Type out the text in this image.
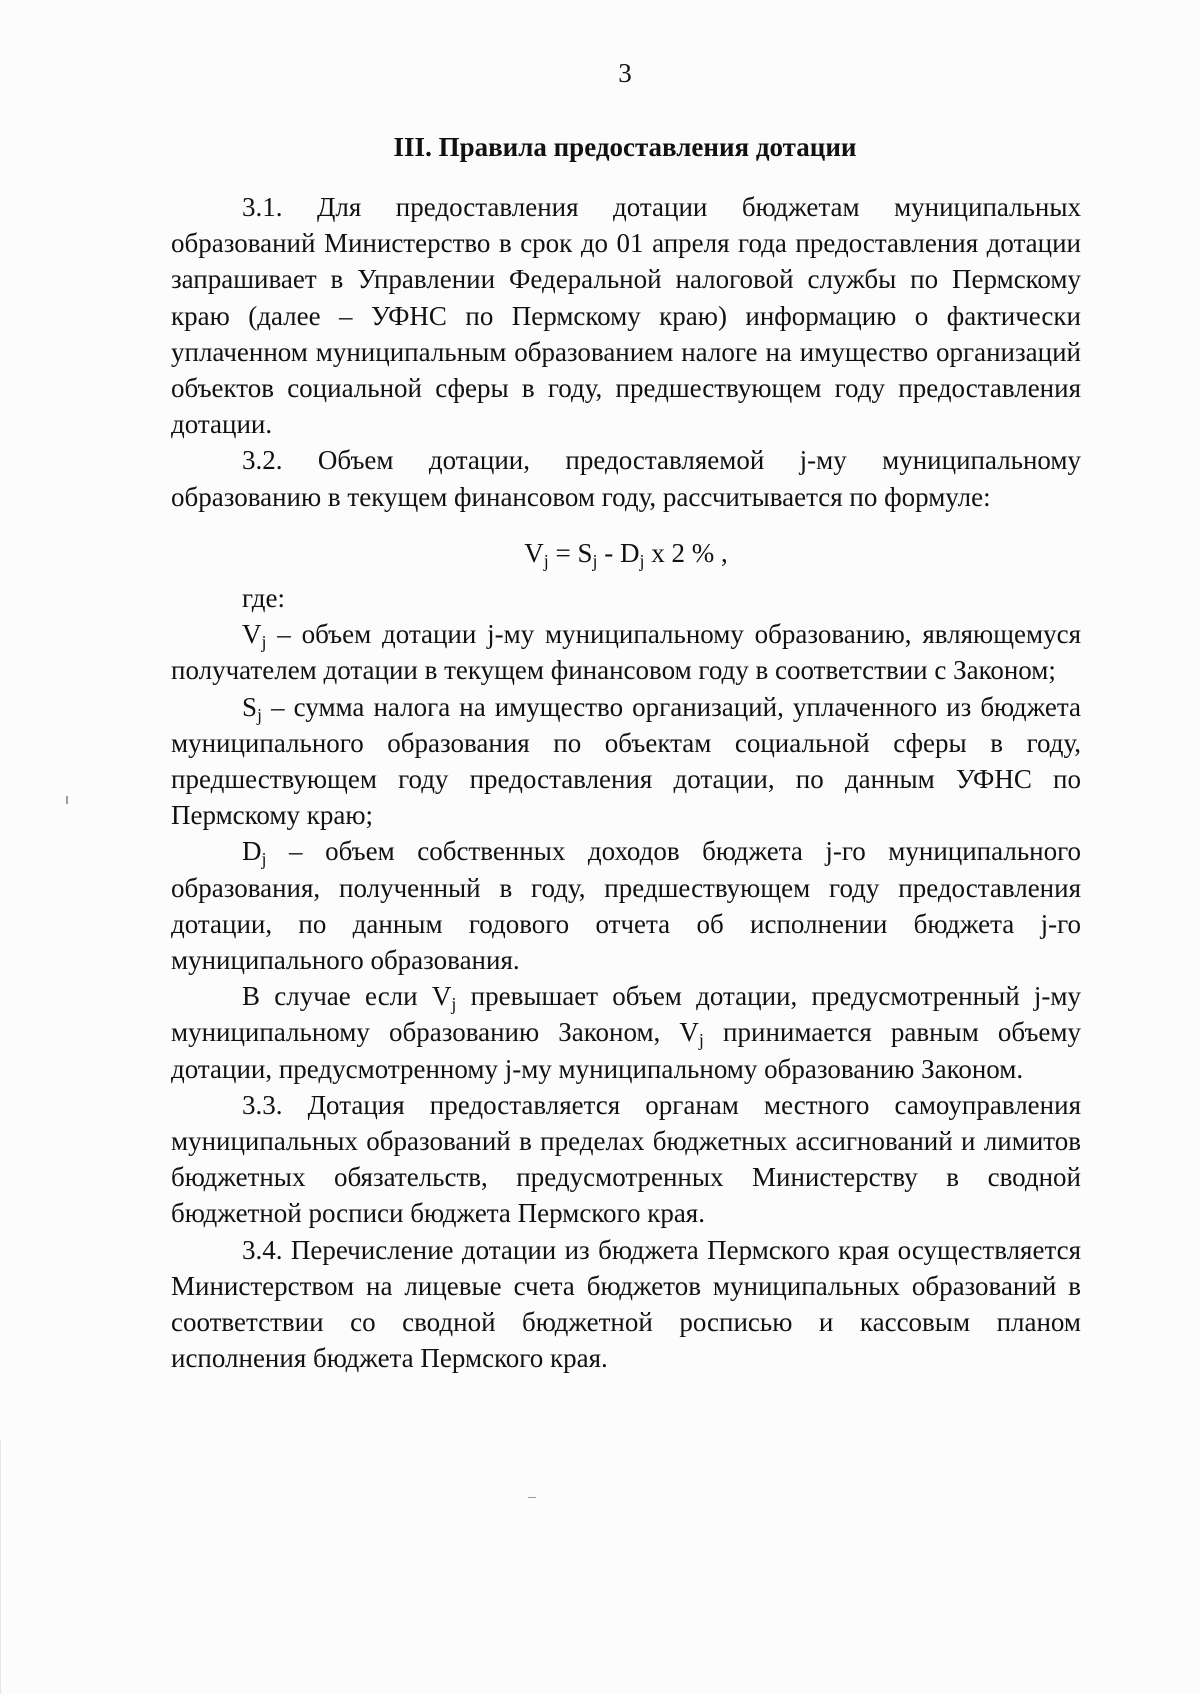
3
III. Правила предоставления дотации

3.1. Для предоставления дотации бюджетам муниципальных образований Министерство в срок до 01 апреля года предоставления дотации запрашивает в Управлении Федеральной налоговой службы по Пермскому краю (далее – УФНС по Пермскому краю) информацию о фактически уплаченном муниципальным образованием налоге на имущество организаций объектов социальной сферы в году, предшествующем году предоставления дотации.

3.2. Объем дотации, предоставляемой j-му муниципальному образованию в текущем финансовом году, рассчитывается по формуле:

$V_j = S_j - D_j$ x 2 % ,

где:

$V_j$ – объем дотации j-му муниципальному образованию, являющемуся получателем дотации в текущем финансовом году в соответствии с Законом;

$S_j$ – сумма налога на имущество организаций, уплаченного из бюджета муниципального образования по объектам социальной сферы в году, предшествующем году предоставления дотации, по данным УФНС по Пермскому краю;

$D_j$ – объем собственных доходов бюджета j-го муниципального образования, полученный в году, предшествующем году предоставления дотации, по данным годового отчета об исполнении бюджета j-го муниципального образования.

В случае если $V_j$ превышает объем дотации, предусмотренный j-му муниципальному образованию Законом, $V_j$ принимается равным объему дотации, предусмотренному j-му муниципальному образованию Законом.

3.3. Дотация предоставляется органам местного самоуправления муниципальных образований в пределах бюджетных ассигнований и лимитов бюджетных обязательств, предусмотренных Министерству в сводной бюджетной росписи бюджета Пермского края.

3.4. Перечисление дотации из бюджета Пермского края осуществляется Министерством на лицевые счета бюджетов муниципальных образований в соответствии со сводной бюджетной росписью и кассовым планом исполнения бюджета Пермского края.
